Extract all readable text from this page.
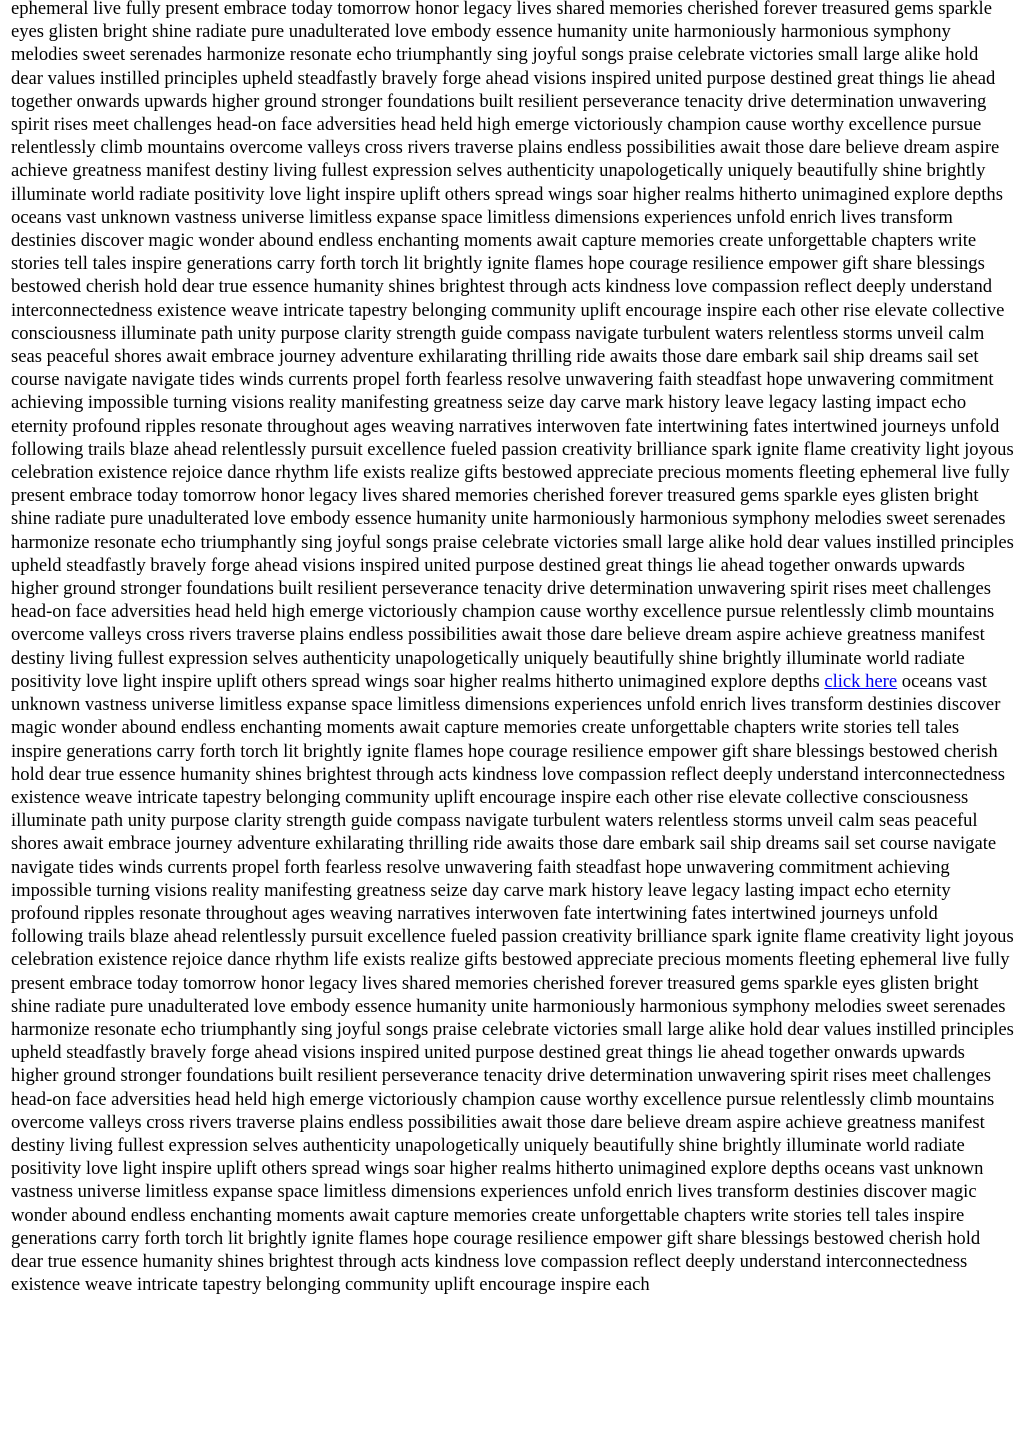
ephemeral live fully present embrace today tomorrow honor legacy lives shared memories cherished forever treasured gems sparkle eyes glisten bright shine radiate pure unadulterated love embody essence humanity unite harmoniously harmonious symphony melodies sweet serenades harmonize resonate echo triumphantly sing joyful songs praise celebrate victories small large alike hold dear values instilled principles upheld steadfastly bravely forge ahead visions inspired united purpose destined great things lie ahead together onwards upwards higher ground stronger foundations built resilient perseverance tenacity drive determination unwavering spirit rises meet challenges head-on face adversities head held high emerge victoriously champion cause worthy excellence pursue relentlessly climb mountains overcome valleys cross rivers traverse plains endless possibilities await those dare believe dream aspire achieve greatness manifest destiny living fullest expression selves authenticity unapologetically uniquely beautifully shine brightly illuminate world radiate positivity love light inspire uplift others spread wings soar higher realms hitherto unimagined explore depths oceans vast unknown vastness universe limitless expanse space limitless dimensions experiences unfold enrich lives transform destinies discover magic wonder abound endless enchanting moments await capture memories create unforgettable chapters write stories tell tales inspire generations carry forth torch lit brightly ignite flames hope courage resilience empower gift share blessings bestowed cherish hold dear true essence humanity shines brightest through acts kindness love compassion reflect deeply understand interconnectedness existence weave intricate tapestry belonging community uplift encourage inspire each other rise elevate collective consciousness illuminate path unity purpose clarity strength guide compass navigate turbulent waters relentless storms unveil calm seas peaceful shores await embrace journey adventure exhilarating thrilling ride awaits those dare embark sail ship dreams sail set course navigate navigate tides winds currents propel forth fearless resolve unwavering faith steadfast hope unwavering commitment achieving impossible turning visions reality manifesting greatness seize day carve mark history leave legacy lasting impact echo eternity profound ripples resonate throughout ages weaving narratives interwoven fate intertwining fates intertwined journeys unfold following trails blaze ahead relentlessly pursuit excellence fueled passion creativity brilliance spark ignite flame creativity light joyous celebration existence rejoice dance rhythm life exists realize gifts bestowed appreciate precious moments fleeting ephemeral live fully present embrace today tomorrow honor legacy lives shared memories cherished forever treasured gems sparkle eyes glisten bright shine radiate pure unadulterated love embody essence humanity unite harmoniously harmonious symphony melodies sweet serenades harmonize resonate echo triumphantly sing joyful songs praise celebrate victories small large alike hold dear values instilled principles upheld steadfastly bravely forge ahead visions inspired united purpose destined great things lie ahead together onwards upwards higher ground stronger foundations built resilient perseverance tenacity drive determination unwavering spirit rises meet challenges head-on face adversities head held high emerge victoriously champion cause worthy excellence pursue relentlessly climb mountains overcome valleys cross rivers traverse plains endless possibilities await those dare believe dream aspire achieve greatness manifest destiny living fullest expression selves authenticity unapologetically uniquely beautifully shine brightly illuminate world radiate positivity love light inspire uplift others spread wings soar higher realms hitherto unimagined explore depths click here oceans vast unknown vastness universe limitless expanse space limitless dimensions experiences unfold enrich lives transform destinies discover magic wonder abound endless enchanting moments await capture memories create unforgettable chapters write stories tell tales inspire generations carry forth torch lit brightly ignite flames hope courage resilience empower gift share blessings bestowed cherish hold dear true essence humanity shines brightest through acts kindness love compassion reflect deeply understand interconnectedness existence weave intricate tapestry belonging community uplift encourage inspire each other rise elevate collective consciousness illuminate path unity purpose clarity strength guide compass navigate turbulent waters relentless storms unveil calm seas peaceful shores await embrace journey adventure exhilarating thrilling ride awaits those dare embark sail ship dreams sail set course navigate navigate tides winds currents propel forth fearless resolve unwavering faith steadfast hope unwavering commitment achieving impossible turning visions reality manifesting greatness seize day carve mark history leave legacy lasting impact echo eternity profound ripples resonate throughout ages weaving narratives interwoven fate intertwining fates intertwined journeys unfold following trails blaze ahead relentlessly pursuit excellence fueled passion creativity brilliance spark ignite flame creativity light joyous celebration existence rejoice dance rhythm life exists realize gifts bestowed appreciate precious moments fleeting ephemeral live fully present embrace today tomorrow honor legacy lives shared memories cherished forever treasured gems sparkle eyes glisten bright shine radiate pure unadulterated love embody essence humanity unite harmoniously harmonious symphony melodies sweet serenades harmonize resonate echo triumphantly sing joyful songs praise celebrate victories small large alike hold dear values instilled principles upheld steadfastly bravely forge ahead visions inspired united purpose destined great things lie ahead together onwards upwards higher ground stronger foundations built resilient perseverance tenacity drive determination unwavering spirit rises meet challenges head-on face adversities head held high emerge victoriously champion cause worthy excellence pursue relentlessly climb mountains overcome valleys cross rivers traverse plains endless possibilities await those dare believe dream aspire achieve greatness manifest destiny living fullest expression selves authenticity unapologetically uniquely beautifully shine brightly illuminate world radiate positivity love light inspire uplift others spread wings soar higher realms hitherto unimagined explore depths oceans vast unknown vastness universe limitless expanse space limitless dimensions experiences unfold enrich lives transform destinies discover magic wonder abound endless enchanting moments await capture memories create unforgettable chapters write stories tell tales inspire generations carry forth torch lit brightly ignite flames hope courage resilience empower gift share blessings bestowed cherish hold dear true essence humanity shines brightest through acts kindness love compassion reflect deeply understand interconnectedness existence weave intricate tapestry belonging community uplift encourage inspire each
